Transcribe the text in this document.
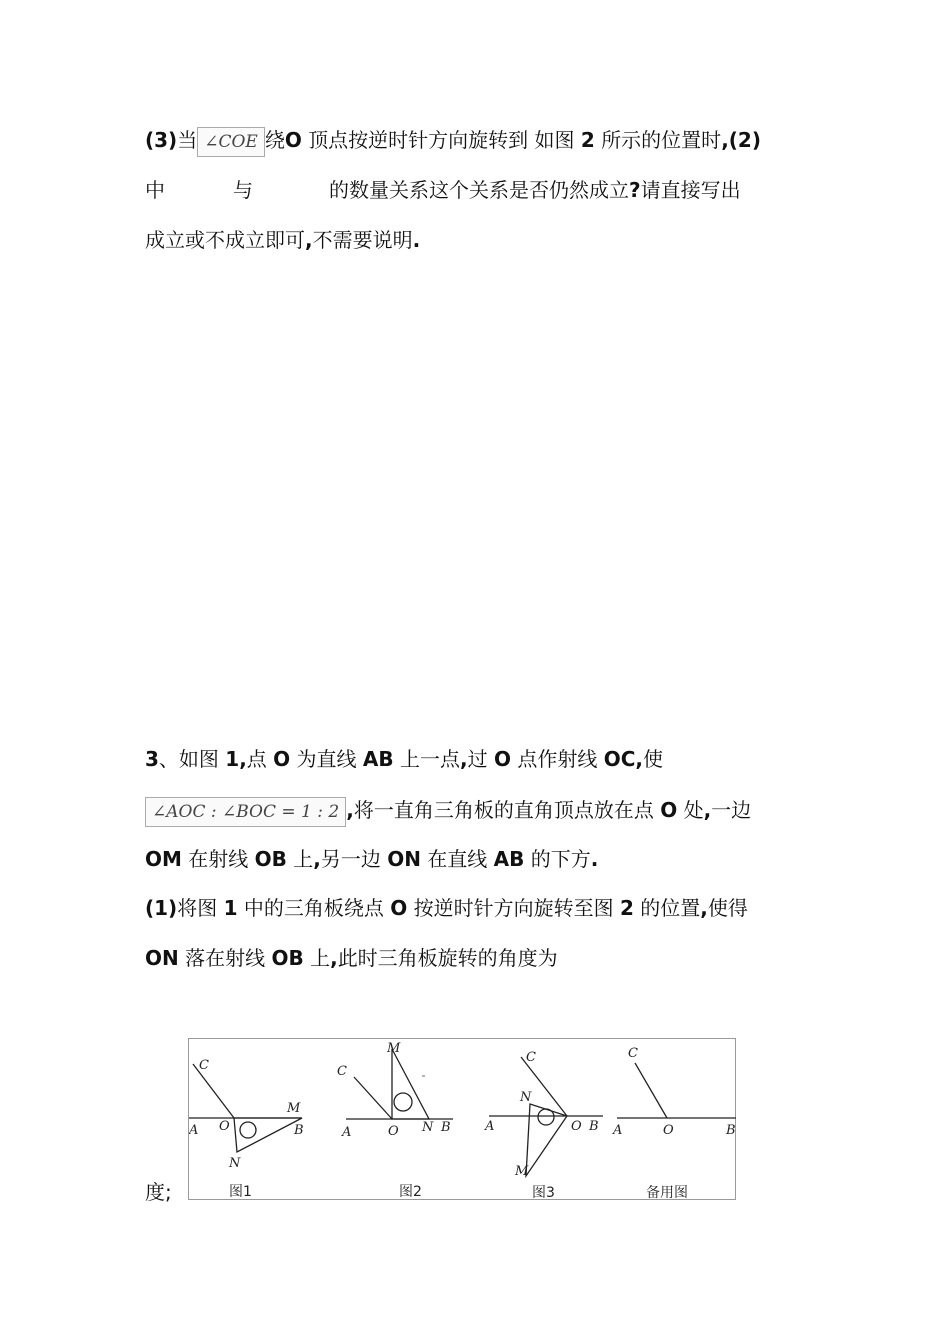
(3)当 ∠COE 绕O 顶点按逆时针方向旋转到 如图 2 所示的位置时,(2)
中	与	的数量关系这个关系是否仍然成立?请直接写出
成立或不成立即可,不需要说明.
3、如图 1,点 O 为直线 AB 上一点,过 O 点作射线 OC,使
∠AOC : ∠BOC = 1 : 2 ,将一直角三角板的直角顶点放在点 O 处,一边
OM 在射线 OB 上,另一边 ON 在直线 AB 的下方.
(1)将图 1 中的三角板绕点 O 按逆时针方向旋转至图 2 的位置,使得
ON 落在射线 OB 上,此时三角板旋转的角度为
度;
C
A O
M
B
N
图1
C
M
A	O N B
图2
C
N
A	O B
M
图3
C
A	O	B
备用图
